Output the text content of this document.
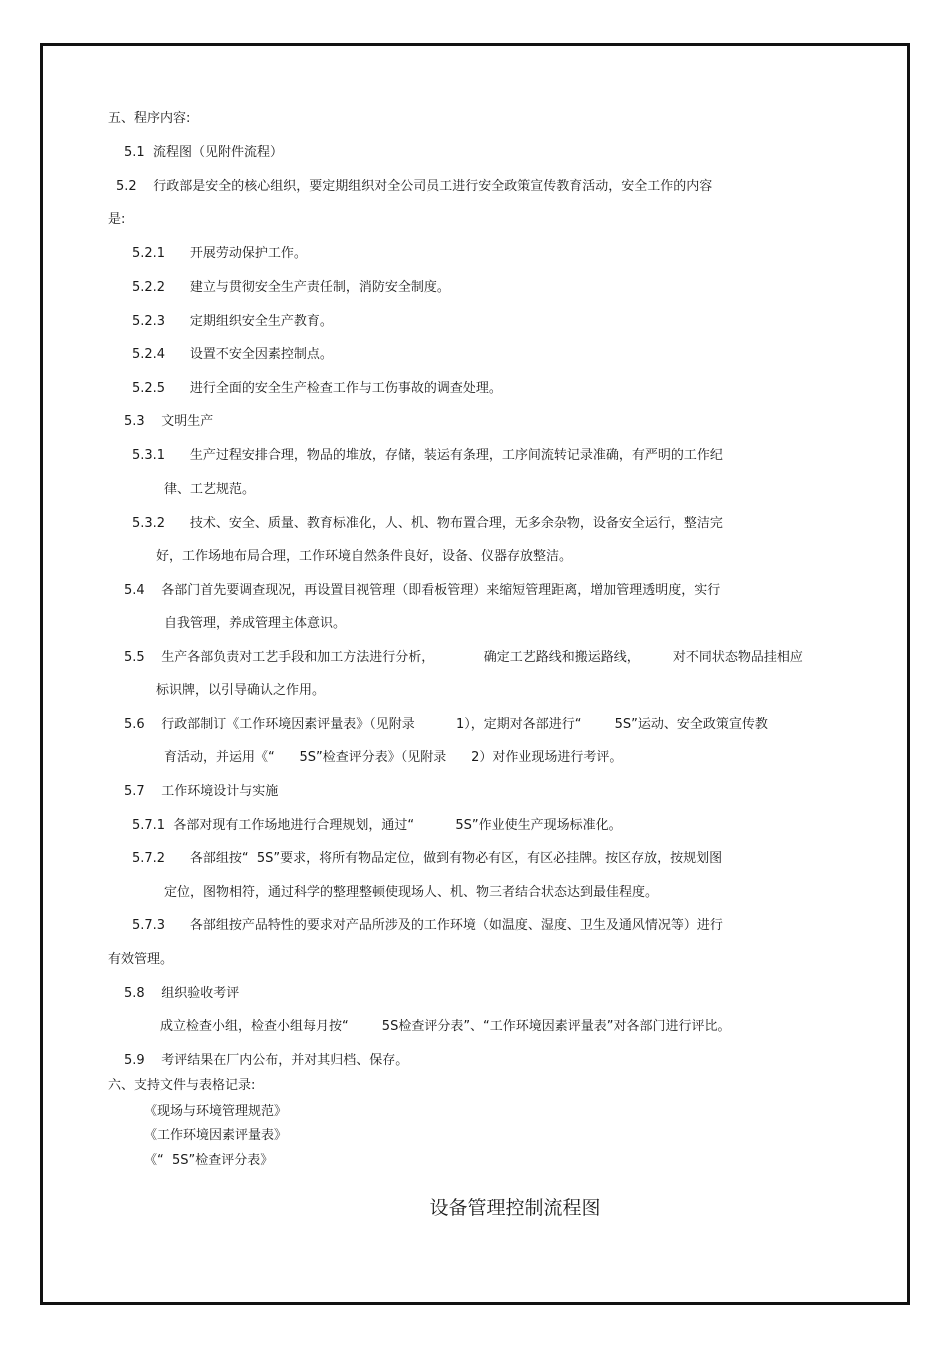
五、程序内容:
5.1  流程图（见附件流程）
5.2    行政部是安全的核心组织，要定期组织对全公司员工进行安全政策宣传教育活动，安全工作的内容
是:
5.2.1      开展劳动保护工作。
5.2.2      建立与贯彻安全生产责任制，消防安全制度。
5.2.3      定期组织安全生产教育。
5.2.4      设置不安全因素控制点。
5.2.5      进行全面的安全生产检查工作与工伤事故的调查处理。
5.3    文明生产
5.3.1      生产过程安排合理，物品的堆放，存储，装运有条理，工序间流转记录准确，有严明的工作纪
律、工艺规范。
5.3.2      技术、安全、质量、教育标准化，人、机、物布置合理，无多余杂物，设备安全运行，整洁完
好，工作场地布局合理，工作环境自然条件良好，设备、仪器存放整洁。
5.4    各部门首先要调查现况，再设置目视管理（即看板管理）来缩短管理距离，增加管理透明度，实行
自我管理，养成管理主体意识。
5.5    生产各部负责对工艺手段和加工方法进行分析，            确定工艺路线和搬运路线，        对不同状态物品挂相应
标识牌，以引导确认之作用。
5.6    行政部制订《工作环境因素评量表》（见附录          1），定期对各部进行“        5S”运动、安全政策宣传教
育活动，并运用《“      5S”检查评分表》（见附录      2）对作业现场进行考评。
5.7    工作环境设计与实施
5.7.1  各部对现有工作场地进行合理规划，通过“          5S”作业使生产现场标准化。
5.7.2      各部组按“  5S”要求，将所有物品定位，做到有物必有区，有区必挂牌。按区存放，按规划图
定位，图物相符，通过科学的整理整顿使现场人、机、物三者结合状态达到最佳程度。
5.7.3      各部组按产品特性的要求对产品所涉及的工作环境（如温度、湿度、卫生及通风情况等）进行
有效管理。
5.8    组织验收考评
成立检查小组，检查小组每月按“        5S检查评分表”、“工作环境因素评量表”对各部门进行评比。
5.9    考评结果在厂内公布，并对其归档、保存。
六、支持文件与表格记录:
《现场与环境管理规范》
《工作环境因素评量表》
《“  5S”检查评分表》
设备管理控制流程图
